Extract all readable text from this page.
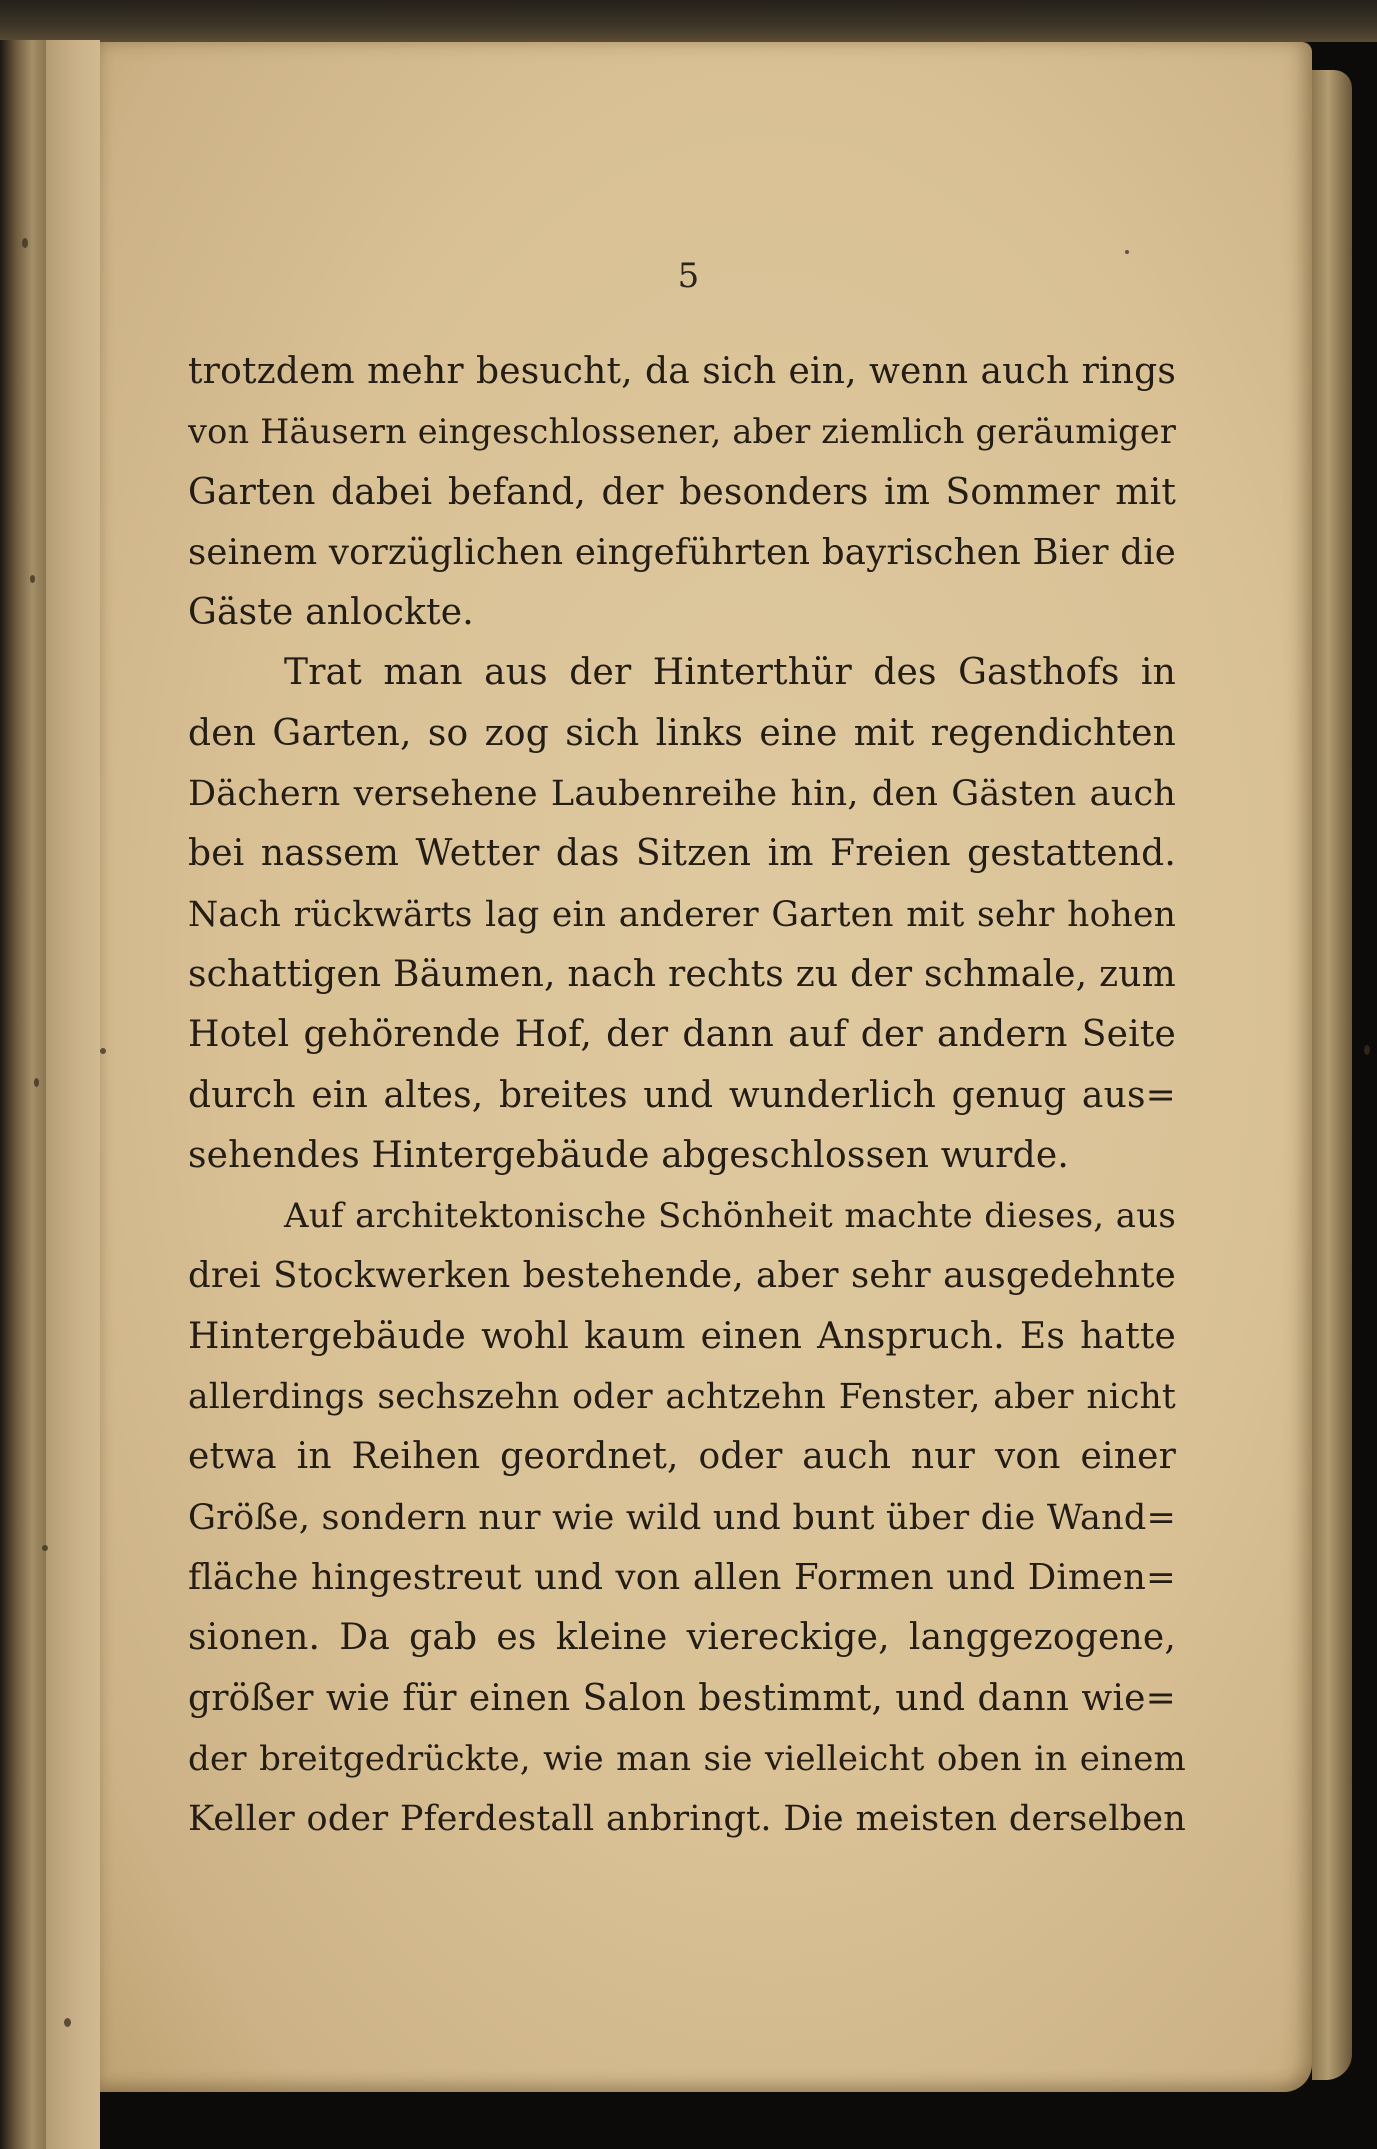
5
trotzdem mehr besucht, da sich ein, wenn auch rings
von Häusern eingeschlossener, aber ziemlich geräumiger
Garten dabei befand, der besonders im Sommer mit
seinem vorzüglichen eingeführten bayrischen Bier die
Gäste anlockte.
Trat man aus der Hinterthür des Gasthofs in
den Garten, so zog sich links eine mit regendichten
Dächern versehene Laubenreihe hin, den Gästen auch
bei nassem Wetter das Sitzen im Freien gestattend.
Nach rückwärts lag ein anderer Garten mit sehr hohen
schattigen Bäumen, nach rechts zu der schmale, zum
Hotel gehörende Hof, der dann auf der andern Seite
durch ein altes, breites und wunderlich genug aus=
sehendes Hintergebäude abgeschlossen wurde.
Auf architektonische Schönheit machte dieses, aus
drei Stockwerken bestehende, aber sehr ausgedehnte
Hintergebäude wohl kaum einen Anspruch. Es hatte
allerdings sechszehn oder achtzehn Fenster, aber nicht
etwa in Reihen geordnet, oder auch nur von einer
Größe, sondern nur wie wild und bunt über die Wand=
fläche hingestreut und von allen Formen und Dimen=
sionen. Da gab es kleine viereckige, langgezogene,
größer wie für einen Salon bestimmt, und dann wie=
der breitgedrückte, wie man sie vielleicht oben in einem
Keller oder Pferdestall anbringt. Die meisten derselben
